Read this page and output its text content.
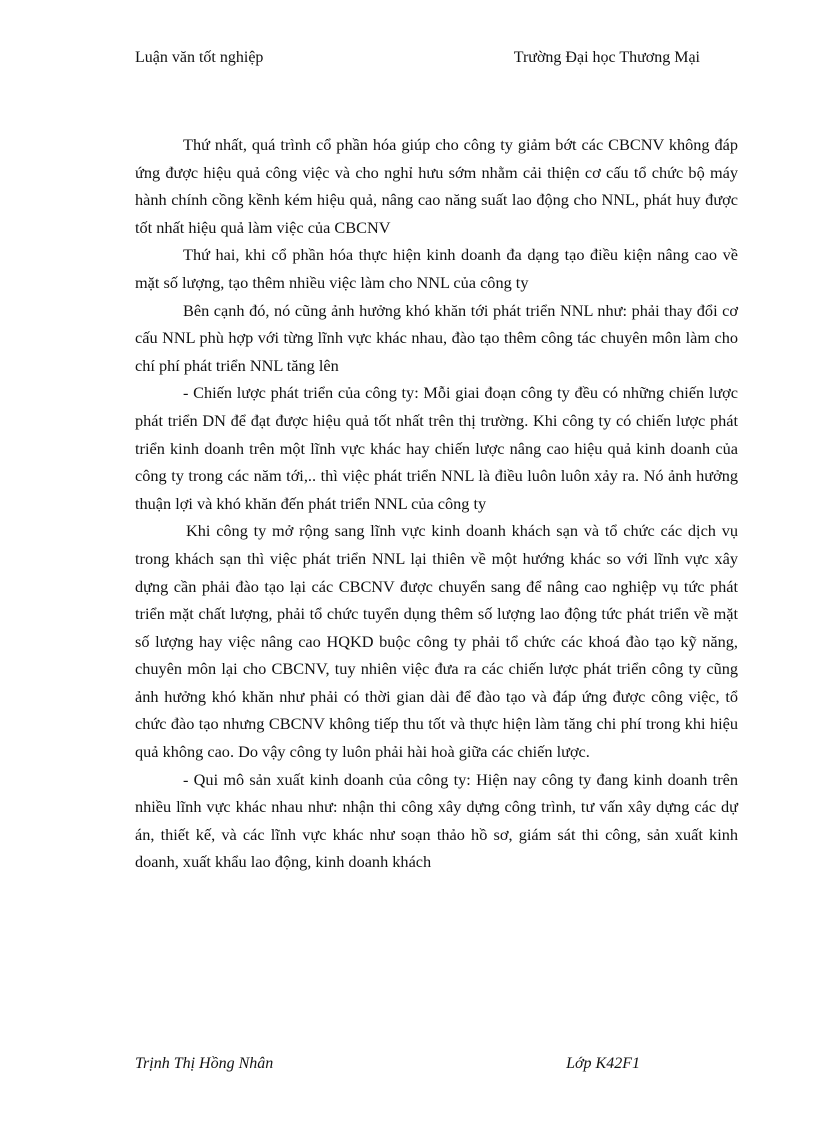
Luận văn tốt nghiệp	Trường Đại học Thương Mại

Thứ nhất, quá trình cổ phần hóa giúp cho công ty giảm bớt các CBCNV không đáp ứng được hiệu quả công việc và cho nghỉ hưu sớm nhằm cải thiện cơ cấu tổ chức bộ máy hành chính cồng kềnh kém hiệu quả, nâng cao năng suất lao động cho NNL, phát huy được tốt nhất hiệu quả làm việc của CBCNV

Thứ hai, khi cổ phần hóa thực hiện kinh doanh đa dạng tạo điều kiện nâng cao về mặt số lượng, tạo thêm nhiều việc làm cho NNL của công ty

Bên cạnh đó, nó cũng ảnh hưởng khó khăn tới phát triển NNL như: phải thay đổi cơ cấu NNL phù hợp với từng lĩnh vực khác nhau, đào tạo thêm công tác chuyên môn làm cho chí phí phát triển NNL tăng lên

- Chiến lược phát triển của công ty: Mỗi giai đoạn công ty đều có những chiến lược phát triển DN để đạt được hiệu quả tốt nhất trên thị trường. Khi công ty có chiến lược phát triển kinh doanh trên một lĩnh vực khác hay chiến lược nâng cao hiệu quả kinh doanh của công ty trong các năm tới,.. thì việc phát triển NNL là điều luôn luôn xảy ra. Nó ảnh hưởng thuận lợi và khó khăn đến phát triển NNL của công ty

Khi công ty mở rộng sang lĩnh vực kinh doanh khách sạn và tổ chức các dịch vụ trong khách sạn thì việc phát triển NNL lại thiên về một hướng khác so với lĩnh vực xây dựng cần phải đào tạo lại các CBCNV được chuyển sang để nâng cao nghiệp vụ tức phát triển mặt chất lượng, phải tổ chức tuyển dụng thêm số lượng lao động tức phát triển về mặt số lượng hay việc nâng cao HQKD buộc công ty phải tổ chức các khoá đào tạo kỹ năng, chuyên môn lại cho CBCNV, tuy nhiên việc đưa ra các chiến lược phát triển công ty cũng ảnh hưởng khó khăn như phải có thời gian dài để đào tạo và đáp ứng được công việc, tổ chức đào tạo nhưng CBCNV không tiếp thu tốt và thực hiện làm tăng chi phí trong khi hiệu quả không cao. Do vậy công ty luôn phải hài hoà giữa các chiến lược.

- Qui mô sản xuất kinh doanh của công ty: Hiện nay công ty đang kinh doanh trên nhiều lĩnh vực khác nhau như: nhận thi công xây dựng công trình, tư vấn xây dựng các dự án, thiết kế, và các lĩnh vực khác như soạn thảo hồ sơ, giám sát thi công, sản xuất kinh doanh, xuất khẩu lao động, kinh doanh khách

Trịnh Thị Hồng Nhân	Lớp K42F1
